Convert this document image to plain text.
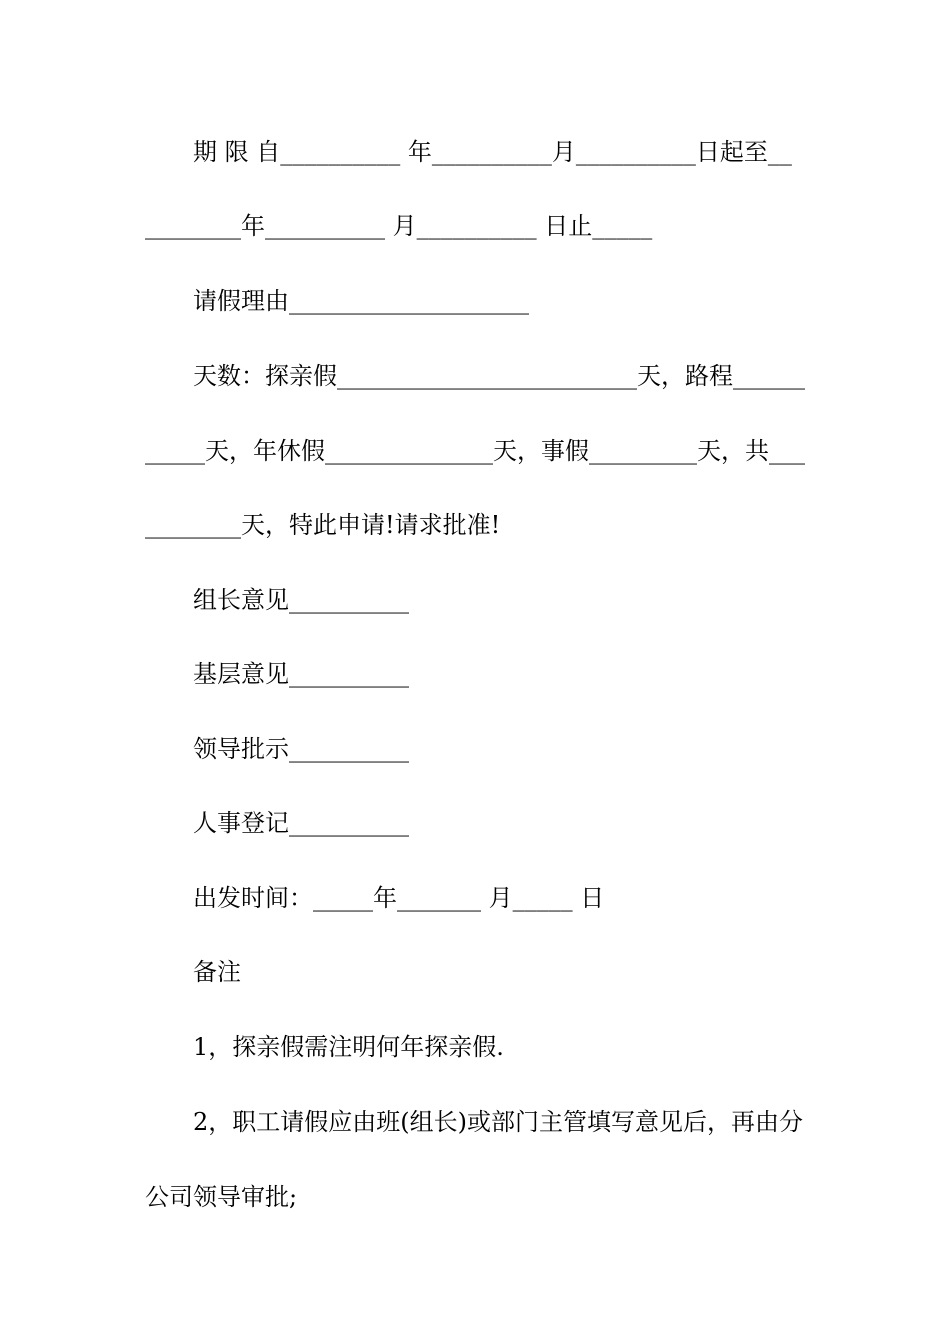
期 限 自__________ 年__________月__________日起至__
________年__________ 月__________ 日止_____
请假理由____________________
天数：探亲假_________________________天，路程______
_____天，年休假______________天，事假_________天，共___
________天，特此申请!请求批准!
组长意见__________
基层意见__________
领导批示__________
人事登记__________
出发时间：_____年_______ 月_____ 日
备注
1，探亲假需注明何年探亲假.
2，职工请假应由班(组长)或部门主管填写意见后，再由分
公司领导审批;
